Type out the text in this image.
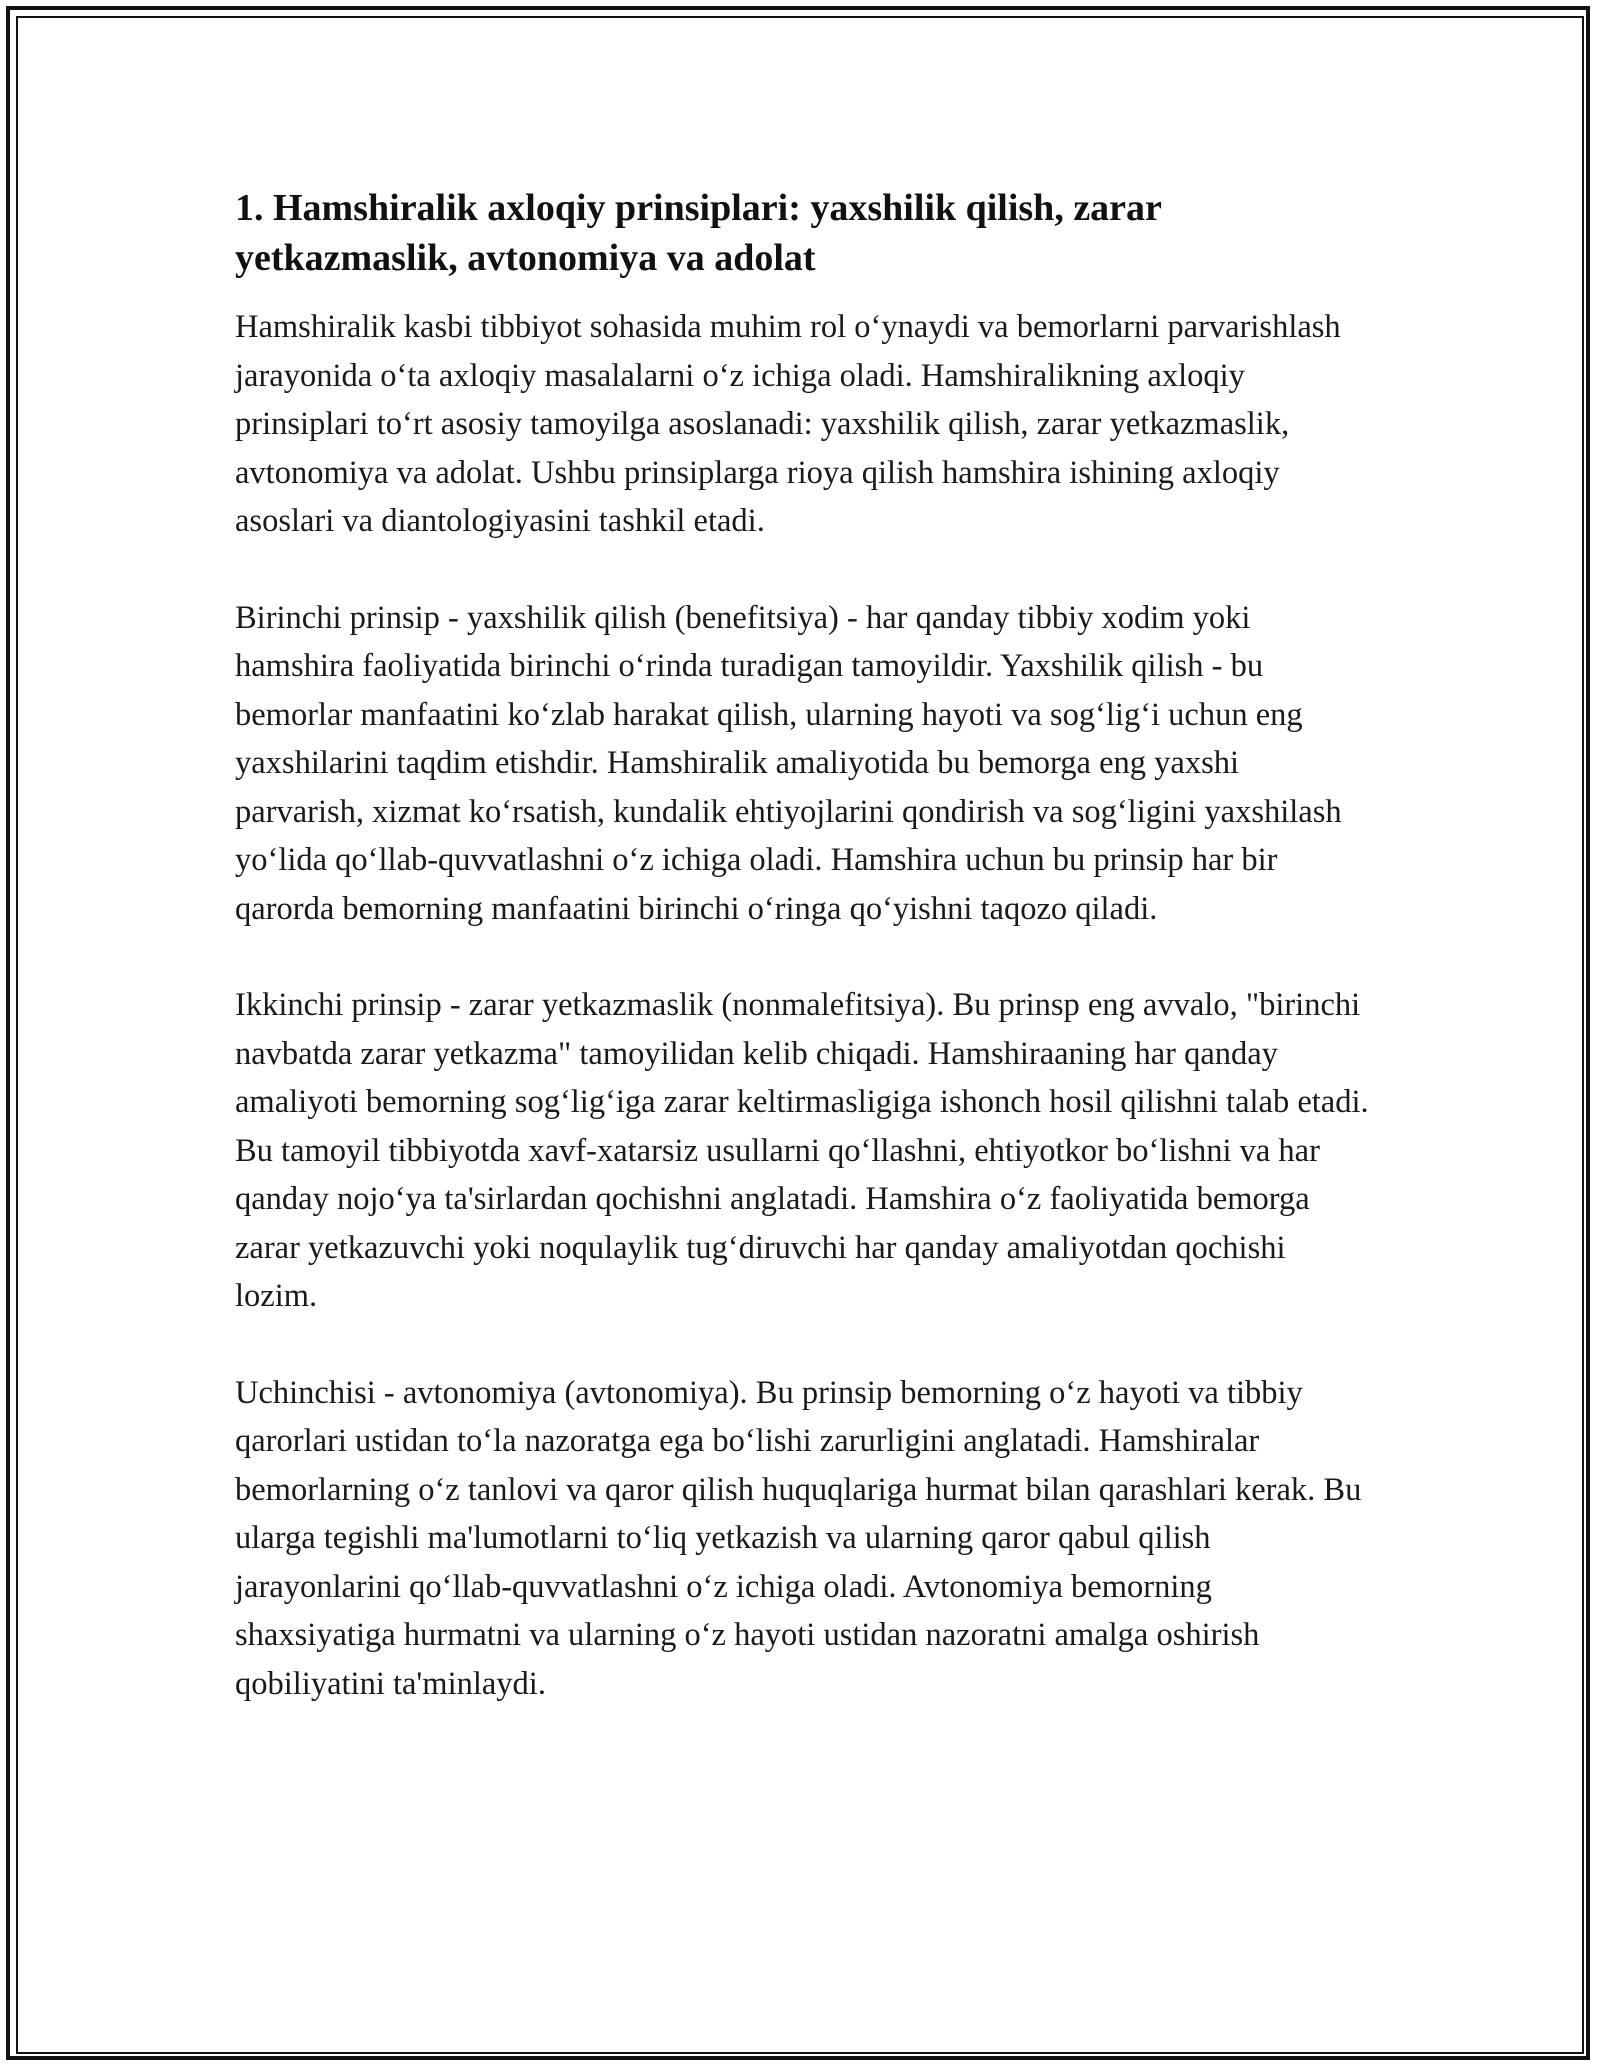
1. Hamshiralik axloqiy prinsiplari: yaxshilik qilish, zarar yetkazmaslik, avtonomiya va adolat

Hamshiralik kasbi tibbiyot sohasida muhim rol o‘ynaydi va bemorlarni parvarishlash jarayonida o‘ta axloqiy masalalarni o‘z ichiga oladi. Hamshiralikning axloqiy prinsiplari to‘rt asosiy tamoyilga asoslanadi: yaxshilik qilish, zarar yetkazmaslik, avtonomiya va adolat. Ushbu prinsiplarga rioya qilish hamshira ishining axloqiy asoslari va diantologiyasini tashkil etadi.

Birinchi prinsip - yaxshilik qilish (benefitsiya) - har qanday tibbiy xodim yoki hamshira faoliyatida birinchi o‘rinda turadigan tamoyildir. Yaxshilik qilish - bu bemorlar manfaatini ko‘zlab harakat qilish, ularning hayoti va sog‘lig‘i uchun eng yaxshilarini taqdim etishdir. Hamshiralik amaliyotida bu bemorga eng yaxshi parvarish, xizmat ko‘rsatish, kundalik ehtiyojlarini qondirish va sog‘ligini yaxshilash yo‘lida qo‘llab-quvvatlashni o‘z ichiga oladi. Hamshira uchun bu prinsip har bir qarorda bemorning manfaatini birinchi o‘ringa qo‘yishni taqozo qiladi.

Ikkinchi prinsip - zarar yetkazmaslik (nonmalefitsiya). Bu prinsp eng avvalo, "birinchi navbatda zarar yetkazma" tamoyilidan kelib chiqadi. Hamshiraaning har qanday amaliyoti bemorning sog‘lig‘iga zarar keltirmasligiga ishonch hosil qilishni talab etadi. Bu tamoyil tibbiyotda xavf-xatarsiz usullarni qo‘llashni, ehtiyotkor bo‘lishni va har qanday nojo‘ya ta'sirlardan qochishni anglatadi. Hamshira o‘z faoliyatida bemorga zarar yetkazuvchi yoki noqulaylik tug‘diruvchi har qanday amaliyotdan qochishi lozim.

Uchinchisi - avtonomiya (avtonomiya). Bu prinsip bemorning o‘z hayoti va tibbiy qarorlari ustidan to‘la nazoratga ega bo‘lishi zarurligini anglatadi. Hamshiralar bemorlarning o‘z tanlovi va qaror qilish huquqlariga hurmat bilan qarashlari kerak. Bu ularga tegishli ma'lumotlarni to‘liq yetkazish va ularning qaror qabul qilish jarayonlarini qo‘llab-quvvatlashni o‘z ichiga oladi. Avtonomiya bemorning shaxsiyatiga hurmatni va ularning o‘z hayoti ustidan nazoratni amalga oshirish qobiliyatini ta'minlaydi.
